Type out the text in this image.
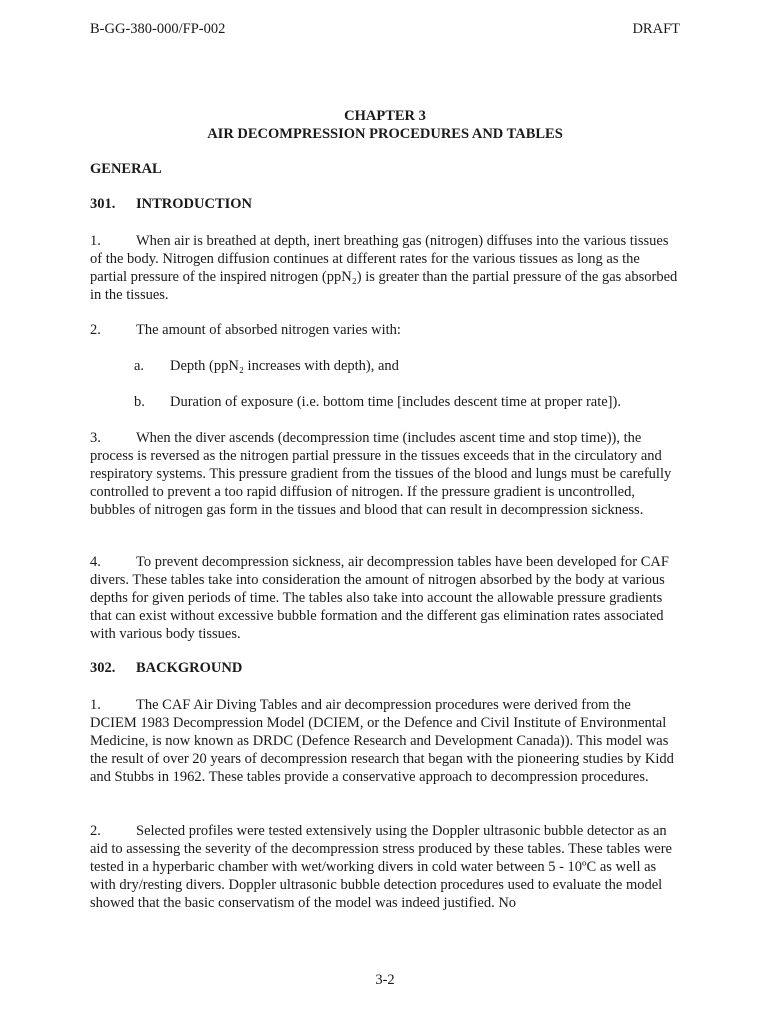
B-GG-380-000/FP-002	DRAFT
CHAPTER 3
AIR DECOMPRESSION PROCEDURES AND TABLES
GENERAL
301. INTRODUCTION
1. When air is breathed at depth, inert breathing gas (nitrogen) diffuses into the various tissues of the body. Nitrogen diffusion continues at different rates for the various tissues as long as the partial pressure of the inspired nitrogen (ppN₂) is greater than the partial pressure of the gas absorbed in the tissues.
2. The amount of absorbed nitrogen varies with:
a. Depth (ppN₂ increases with depth), and
b. Duration of exposure (i.e. bottom time [includes descent time at proper rate]).
3. When the diver ascends (decompression time (includes ascent time and stop time)), the process is reversed as the nitrogen partial pressure in the tissues exceeds that in the circulatory and respiratory systems. This pressure gradient from the tissues of the blood and lungs must be carefully controlled to prevent a too rapid diffusion of nitrogen. If the pressure gradient is uncontrolled, bubbles of nitrogen gas form in the tissues and blood that can result in decompression sickness.
4. To prevent decompression sickness, air decompression tables have been developed for CAF divers. These tables take into consideration the amount of nitrogen absorbed by the body at various depths for given periods of time. The tables also take into account the allowable pressure gradients that can exist without excessive bubble formation and the different gas elimination rates associated with various body tissues.
302. BACKGROUND
1. The CAF Air Diving Tables and air decompression procedures were derived from the DCIEM 1983 Decompression Model (DCIEM, or the Defence and Civil Institute of Environmental Medicine, is now known as DRDC (Defence Research and Development Canada)). This model was the result of over 20 years of decompression research that began with the pioneering studies by Kidd and Stubbs in 1962. These tables provide a conservative approach to decompression procedures.
2. Selected profiles were tested extensively using the Doppler ultrasonic bubble detector as an aid to assessing the severity of the decompression stress produced by these tables. These tables were tested in a hyperbaric chamber with wet/working divers in cold water between 5 - 10ºC as well as with dry/resting divers. Doppler ultrasonic bubble detection procedures used to evaluate the model showed that the basic conservatism of the model was indeed justified. No
3-2
